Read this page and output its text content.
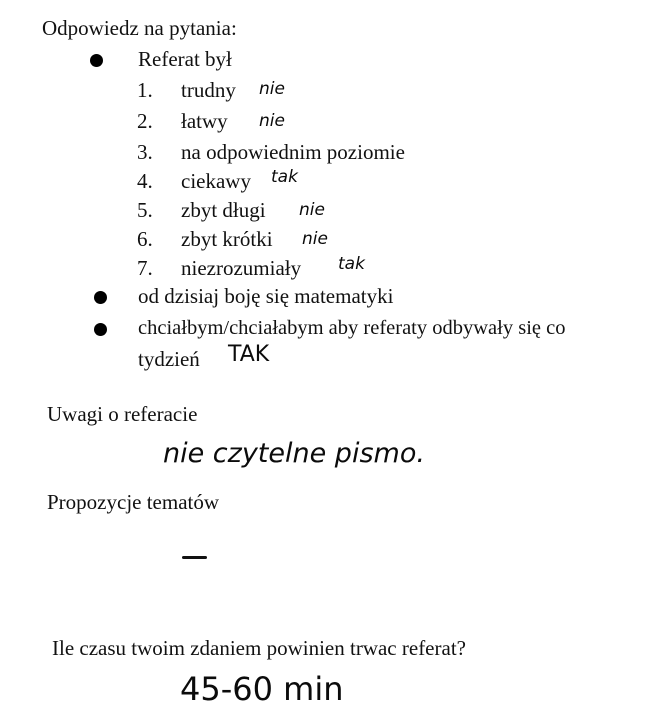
Odpowiedz na pytania:
Referat był
1. trudny nie
2. łatwy nie
3. na odpowiednim poziomie
4. ciekawy tak
5. zbyt długi nie
6. zbyt krótki nie
7. niezrozumiały tak
od dzisiaj boję się matematyki
chciałbym/chciałabym aby referaty odbywały się co
tydzień TAK
Uwagi o referacie
nie czytelne pismo.
Propozycje tematów
Ile czasu twoim zdaniem powinien trwac referat?
45-60 min
